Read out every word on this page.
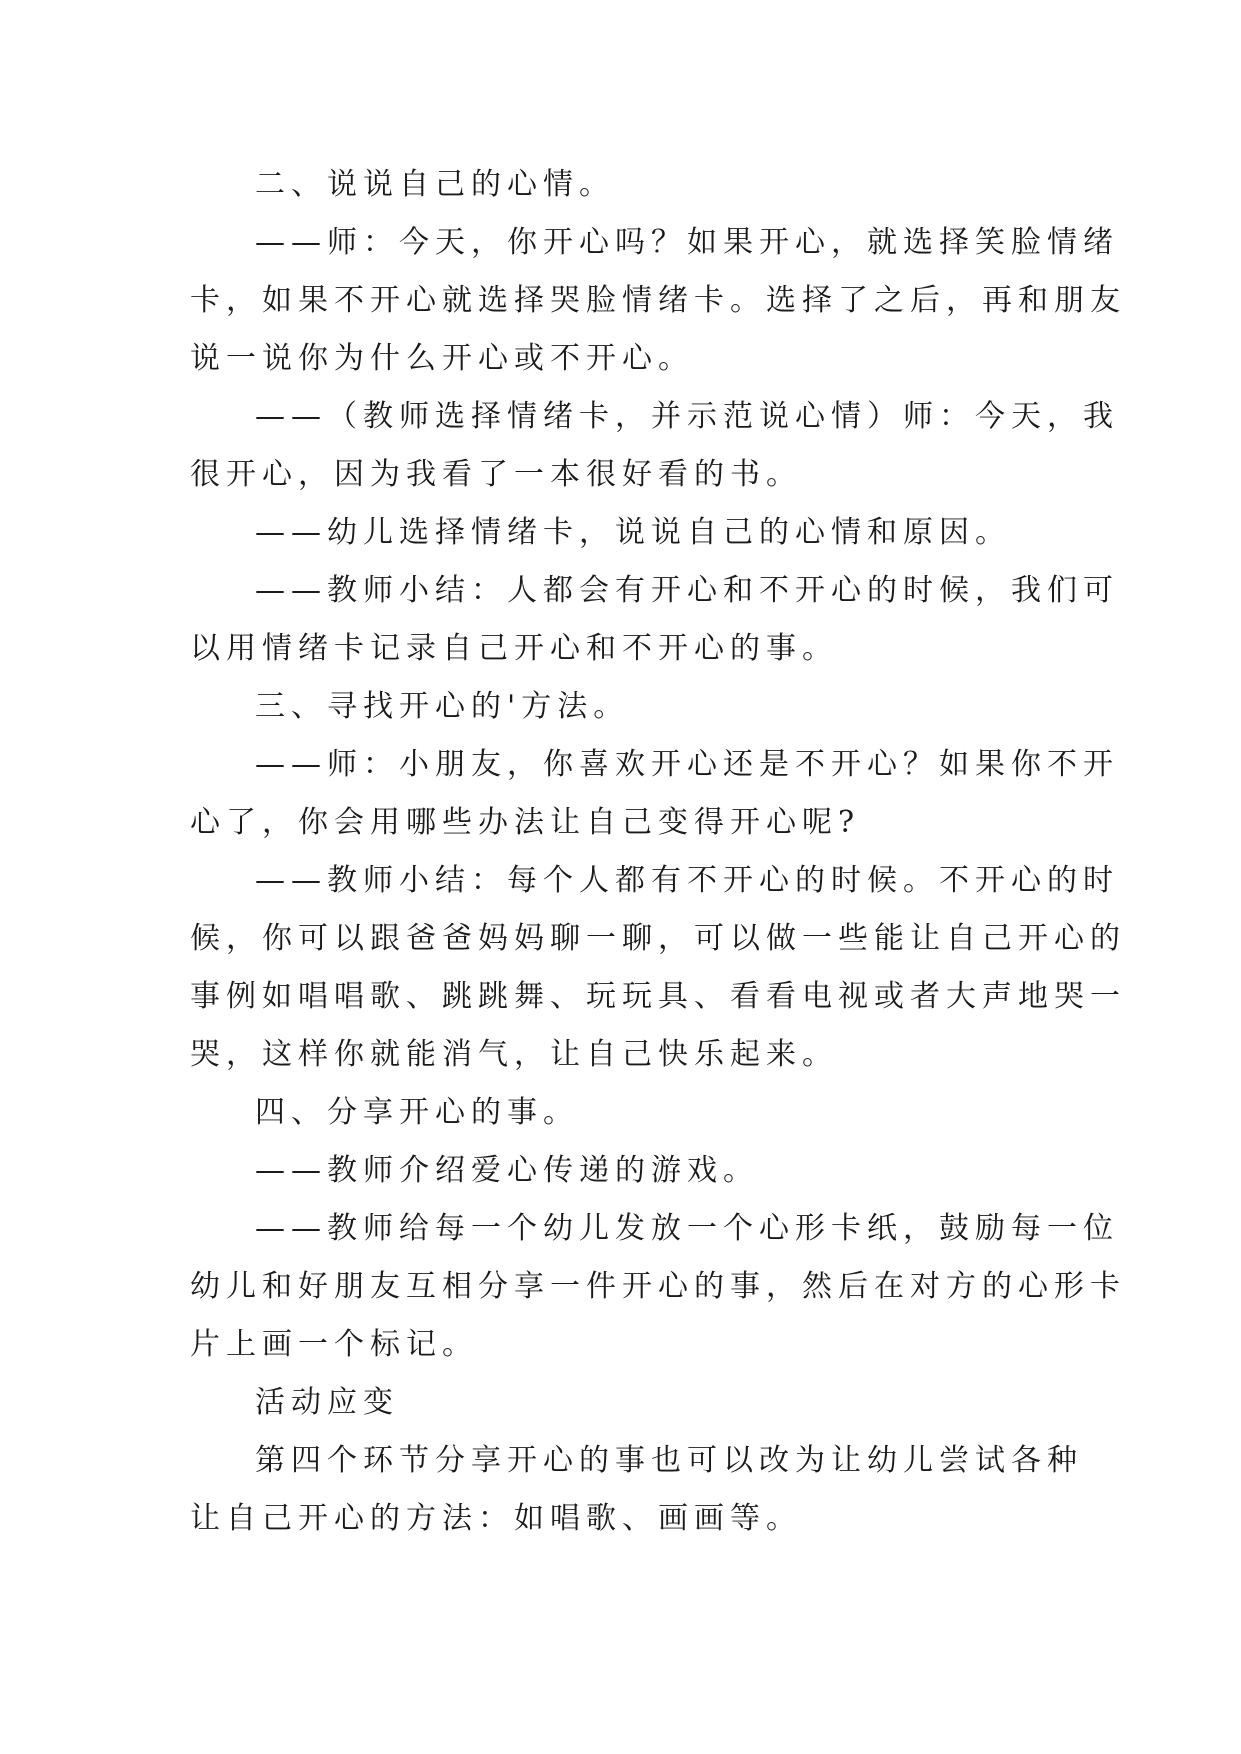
二、说说自己的心情。
——师：今天，你开心吗？如果开心，就选择笑脸情绪
卡，如果不开心就选择哭脸情绪卡。选择了之后，再和朋友
说一说你为什么开心或不开心。
——（教师选择情绪卡，并示范说心情）师：今天，我
很开心，因为我看了一本很好看的书。
——幼儿选择情绪卡，说说自己的心情和原因。
——教师小结：人都会有开心和不开心的时候，我们可
以用情绪卡记录自己开心和不开心的事。
三、寻找开心的'方法。
——师：小朋友，你喜欢开心还是不开心？如果你不开
心了，你会用哪些办法让自己变得开心呢?
——教师小结：每个人都有不开心的时候。不开心的时
候，你可以跟爸爸妈妈聊一聊，可以做一些能让自己开心的
事例如唱唱歌、跳跳舞、玩玩具、看看电视或者大声地哭一
哭，这样你就能消气，让自己快乐起来。
四、分享开心的事。
——教师介绍爱心传递的游戏。
——教师给每一个幼儿发放一个心形卡纸，鼓励每一位
幼儿和好朋友互相分享一件开心的事，然后在对方的心形卡
片上画一个标记。
活动应变
第四个环节分享开心的事也可以改为让幼儿尝试各种
让自己开心的方法：如唱歌、画画等。
